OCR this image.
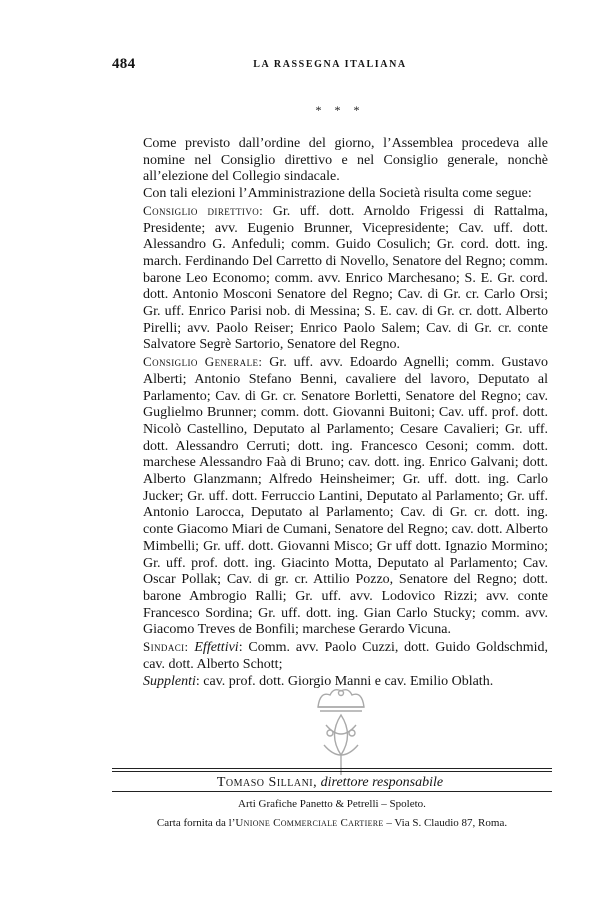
484	LA RASSEGNA ITALIANA
* * *

Come previsto dall’ordine del giorno, l’Assemblea procedeva alle nomine nel Consiglio direttivo e nel Consiglio generale, nonchè all’elezione del Collegio sindacale.

Con tali elezioni l’Amministrazione della Società risulta come segue:

Consiglio direttivo: Gr. uff. dott. Arnoldo Frigessi di Rattalma, Presidente; avv. Eugenio Brunner, Vicepresidente; Cav. uff. dott. Alessandro G. Anfeduli; comm. Guido Cosulich; Gr. cord. dott. ing. march. Ferdinando Del Carretto di Novello, Senatore del Regno; comm. barone Leo Economo; comm. avv. Enrico Marchesano; S. E. Gr. cord. dott. Antonio Mosconi Senatore del Regno; Cav. di Gr. cr. Carlo Orsi; Gr. uff. Enrico Parisi nob. di Messina; S. E. cav. di Gr. cr. dott. Alberto Pirelli; avv. Paolo Reiser; Enrico Paolo Salem; Cav. di Gr. cr. conte Salvatore Segrè Sartorio, Senatore del Regno.

Consiglio Generale: Gr. uff. avv. Edoardo Agnelli; comm. Gustavo Alberti; Antonio Stefano Benni, cavaliere del lavoro, Deputato al Parlamento; Cav. di Gr. cr. Senatore Borletti, Senatore del Regno; cav. Guglielmo Brunner; comm. dott. Giovanni Buitoni; Cav. uff. prof. dott. Nicolò Castellino, Deputato al Parlamento; Cesare Cavalieri; Gr. uff. dott. Alessandro Cerruti; dott. ing. Francesco Cesoni; comm. dott. marchese Alessandro Faà di Bruno; cav. dott. ing. Enrico Galvani; dott. Alberto Glanzmann; Alfredo Heinsheimer; Gr. uff. dott. ing. Carlo Jucker; Gr. uff. dott. Ferruccio Lantini, Deputato al Parlamento; Gr. uff. Antonio Larocca, Deputato al Parlamento; Cav. di Gr. cr. dott. ing. conte Giacomo Miari de Cumani, Senatore del Regno; cav. dott. Alberto Mimbelli; Gr. uff. dott. Giovanni Misco; Gr uff dott. Ignazio Mormino; Gr. uff. prof. dott. ing. Giacinto Motta, Deputato al Parlamento; Cav. Oscar Pollak; Cav. di gr. cr. Attilio Pozzo, Senatore del Regno; dott. barone Ambrogio Ralli; Gr. uff. avv. Lodovico Rizzi; avv. conte Francesco Sordina; Gr. uff. dott. ing. Gian Carlo Stucky; comm. avv. Giacomo Treves de Bonfili; marchese Gerardo Vicuna.

Sindaci: Effettivi: Comm. avv. Paolo Cuzzi, dott. Guido Goldschmid, cav. dott. Alberto Schott;

Supplenti: cav. prof. dott. Giorgio Manni e cav. Emilio Oblath.

Tomaso Sillani, direttore responsabile
Arti Grafiche Panetto & Petrelli – Spoleto.
Carta fornita da l’Unione Commerciale Cartiere – Via S. Claudio 87, Roma.
